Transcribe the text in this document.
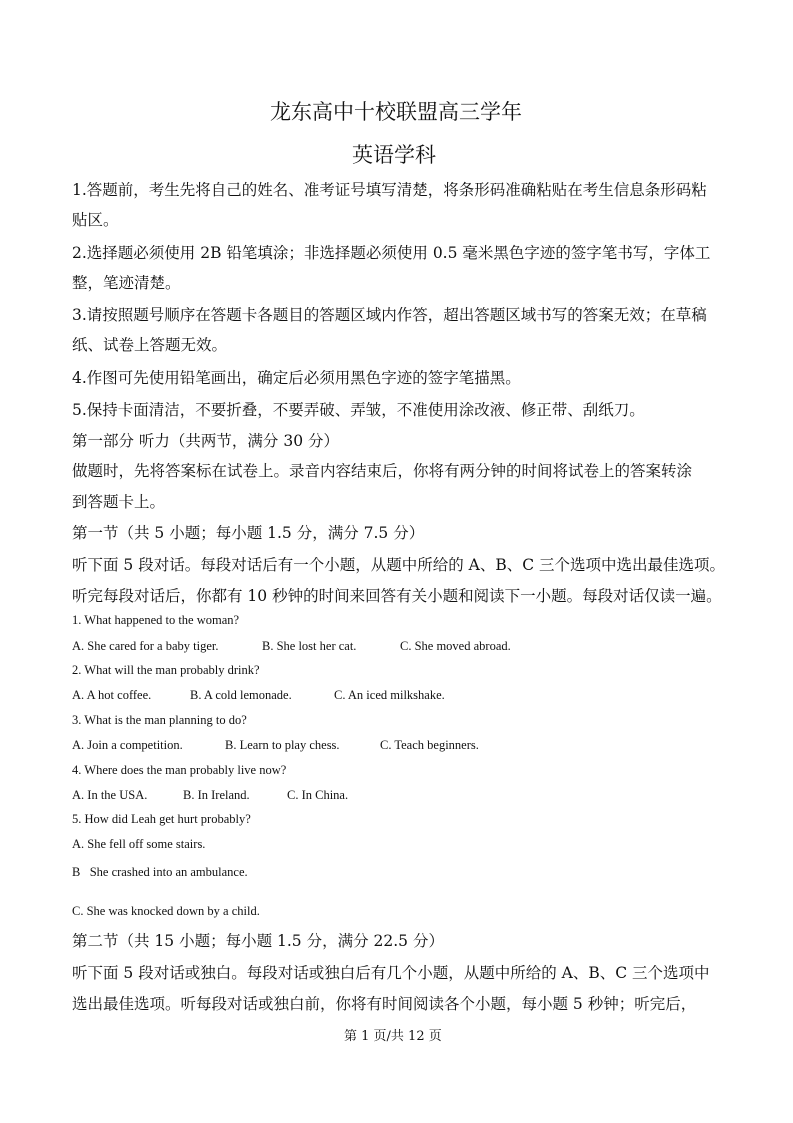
龙东高中十校联盟高三学年
英语学科
1.答题前，考生先将自己的姓名、准考证号填写清楚，将条形码准确粘贴在考生信息条形码粘
贴区。
2.选择题必须使用 2B 铅笔填涂；非选择题必须使用 0.5 毫米黑色字迹的签字笔书写，字体工
整，笔迹清楚。
3.请按照题号顺序在答题卡各题目的答题区域内作答，超出答题区域书写的答案无效；在草稿
纸、试卷上答题无效。
4.作图可先使用铅笔画出，确定后必须用黑色字迹的签字笔描黑。
5.保持卡面清洁，不要折叠，不要弄破、弄皱，不准使用涂改液、修正带、刮纸刀。
第一部分 听力（共两节，满分 30 分）
做题时，先将答案标在试卷上。录音内容结束后，你将有两分钟的时间将试卷上的答案转涂
到答题卡上。
第一节（共 5 小题；每小题 1.5 分，满分 7.5 分）
听下面 5 段对话。每段对话后有一个小题，从题中所给的 A、B、C 三个选项中选出最佳选项。
听完每段对话后，你都有 10 秒钟的时间来回答有关小题和阅读下一小题。每段对话仅读一遍。
1. What happened to the woman?
A. She cared for a baby tiger.	B. She lost her cat.	C. She moved abroad.
2. What will the man probably drink?
A. A hot coffee.	B. A cold lemonade.	C. An iced milkshake.
3. What is the man planning to do?
A. Join a competition.	B. Learn to play chess.	C. Teach beginners.
4. Where does the man probably live now?
A. In the USA.	B. In Ireland.	C. In China.
5. How did Leah get hurt probably?
A. She fell off some stairs.
B   She crashed into an ambulance.
C. She was knocked down by a child.
第二节（共 15 小题；每小题 1.5 分，满分 22.5 分）
听下面 5 段对话或独白。每段对话或独白后有几个小题，从题中所给的 A、B、C 三个选项中
选出最佳选项。听每段对话或独白前，你将有时间阅读各个小题，每小题 5 秒钟；听完后，
第 1 页/共 12 页
